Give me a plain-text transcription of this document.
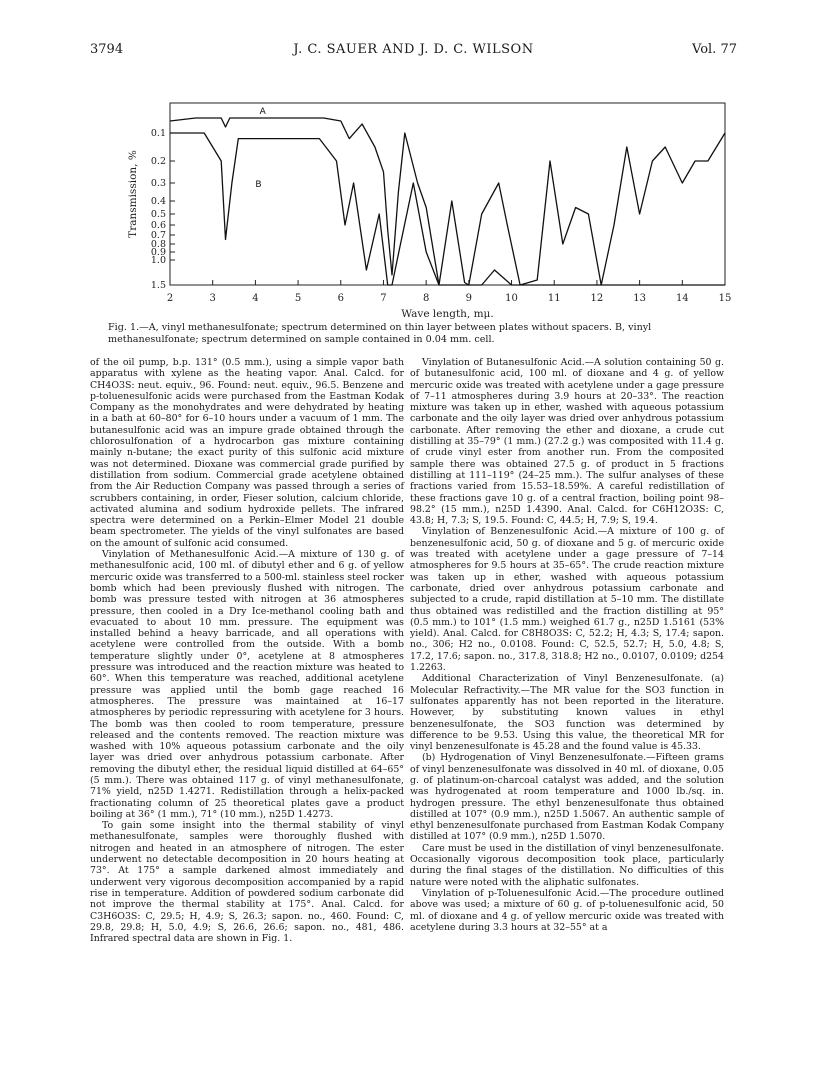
3794	J. C. SAUER AND J. D. C. WILSON	Vol. 77
2	3	4	5	6	7	8	9	10	11	12	13	14	15
0.1
0.2
0.3
0.4
0.5
0.6
0.7
0.8
0.9
1.0
1.5
Wave length, mμ.
Transmission, %
A
B
Fig. 1.—A, vinyl methanesulfonate; spectrum determined on thin layer between plates without spacers. B, vinyl methanesulfonate; spectrum determined on sample contained in 0.04 mm. cell.

of the oil pump, b.p. 131° (0.5 mm.), using a simple vapor bath apparatus with xylene as the heating vapor. Anal. Calcd. for CH4O3S: neut. equiv., 96. Found: neut. equiv., 96.5. Benzene and p-toluenesulfonic acids were purchased from the Eastman Kodak Company as the monohydrates and were dehydrated by heating in a bath at 60–80° for 6–10 hours under a vacuum of 1 mm. The butanesulfonic acid was an impure grade obtained through the chlorosulfonation of a hydrocarbon gas mixture containing mainly n-butane; the exact purity of this sulfonic acid mixture was not determined. Dioxane was commercial grade purified by distillation from sodium. Commercial grade acetylene obtained from the Air Reduction Company was passed through a series of scrubbers containing, in order, Fieser solution, calcium chloride, activated alumina and sodium hydroxide pellets. The infrared spectra were determined on a Perkin–Elmer Model 21 double beam spectrometer. The yields of the vinyl sulfonates are based on the amount of sulfonic acid consumed.

Vinylation of Methanesulfonic Acid.—A mixture of 130 g. of methanesulfonic acid, 100 ml. of dibutyl ether and 6 g. of yellow mercuric oxide was transferred to a 500-ml. stainless steel rocker bomb which had been previously flushed with nitrogen. The bomb was pressure tested with nitrogen at 36 atmospheres pressure, then cooled in a Dry Ice-methanol cooling bath and evacuated to about 10 mm. pressure. The equipment was installed behind a heavy barricade, and all operations with acetylene were controlled from the outside. With a bomb temperature slightly under 0°, acetylene at 8 atmospheres pressure was introduced and the reaction mixture was heated to 60°. When this temperature was reached, additional acetylene pressure was applied until the bomb gage reached 16 atmospheres. The pressure was maintained at 16–17 atmospheres by periodic repressuring with acetylene for 3 hours. The bomb was then cooled to room temperature, pressure released and the contents removed. The reaction mixture was washed with 10% aqueous potassium carbonate and the oily layer was dried over anhydrous potassium carbonate. After removing the dibutyl ether, the residual liquid distilled at 64–65° (5 mm.). There was obtained 117 g. of vinyl methanesulfonate, 71% yield, n25D 1.4271. Redistillation through a helix-packed fractionating column of 25 theoretical plates gave a product boiling at 36° (1 mm.), 71° (10 mm.), n25D 1.4273.

To gain some insight into the thermal stability of vinyl methanesulfonate, samples were thoroughly flushed with nitrogen and heated in an atmosphere of nitrogen. The ester underwent no detectable decomposition in 20 hours heating at 73°. At 175° a sample darkened almost immediately and underwent very vigorous decomposition accompanied by a rapid rise in temperature. Addition of powdered sodium carbonate did not improve the thermal stability at 175°. Anal. Calcd. for C3H6O3S: C, 29.5; H, 4.9; S, 26.3; sapon. no., 460. Found: C, 29.8, 29.8; H, 5.0, 4.9; S, 26.6, 26.6; sapon. no., 481, 486. Infrared spectral data are shown in Fig. 1.

Vinylation of Butanesulfonic Acid.—A solution containing 50 g. of butanesulfonic acid, 100 ml. of dioxane and 4 g. of yellow mercuric oxide was treated with acetylene under a gage pressure of 7–11 atmospheres during 3.9 hours at 20–33°. The reaction mixture was taken up in ether, washed with aqueous potassium carbonate and the oily layer was dried over anhydrous potassium carbonate. After removing the ether and dioxane, a crude cut distilling at 35–79° (1 mm.) (27.2 g.) was composited with 11.4 g. of crude vinyl ester from another run. From the composited sample there was obtained 27.5 g. of product in 5 fractions distilling at 111–119° (24–25 mm.). The sulfur analyses of these fractions varied from 15.53–18.59%. A careful redistillation of these fractions gave 10 g. of a central fraction, boiling point 98–98.2° (15 mm.), n25D 1.4390. Anal. Calcd. for C6H12O3S: C, 43.8; H, 7.3; S, 19.5. Found: C, 44.5; H, 7.9; S, 19.4.

Vinylation of Benzenesulfonic Acid.—A mixture of 100 g. of benzenesulfonic acid, 50 g. of dioxane and 5 g. of mercuric oxide was treated with acetylene under a gage pressure of 7–14 atmospheres for 9.5 hours at 35–65°. The crude reaction mixture was taken up in ether, washed with aqueous potassium carbonate, dried over anhydrous potassium carbonate and subjected to a crude, rapid distillation at 5–10 mm. The distillate thus obtained was redistilled and the fraction distilling at 95° (0.5 mm.) to 101° (1.5 mm.) weighed 61.7 g., n25D 1.5161 (53% yield). Anal. Calcd. for C8H8O3S: C, 52.2; H, 4.3; S, 17.4; sapon. no., 306; H2 no., 0.0108. Found: C, 52.5, 52.7; H, 5.0, 4.8; S, 17.2, 17.6; sapon. no., 317.8, 318.8; H2 no., 0.0107, 0.0109; d254 1.2263.

Additional Characterization of Vinyl Benzenesulfonate. (a) Molecular Refractivity.—The MR value for the SO3 function in sulfonates apparently has not been reported in the literature. However, by substituting known values in ethyl benzenesulfonate, the SO3 function was determined by difference to be 9.53. Using this value, the theoretical MR for vinyl benzenesulfonate is 45.28 and the found value is 45.33.

(b) Hydrogenation of Vinyl Benzenesulfonate.—Fifteen grams of vinyl benzenesulfonate was dissolved in 40 ml. of dioxane, 0.05 g. of platinum-on-charcoal catalyst was added, and the solution was hydrogenated at room temperature and 1000 lb./sq. in. hydrogen pressure. The ethyl benzenesulfonate thus obtained distilled at 107° (0.9 mm.), n25D 1.5067. An authentic sample of ethyl benzenesulfonate purchased from Eastman Kodak Company distilled at 107° (0.9 mm.), n25D 1.5070.

Care must be used in the distillation of vinyl benzenesulfonate. Occasionally vigorous decomposition took place, particularly during the final stages of the distillation. No difficulties of this nature were noted with the aliphatic sulfonates.

Vinylation of p-Toluenesulfonic Acid.—The procedure outlined above was used; a mixture of 60 g. of p-toluenesulfonic acid, 50 ml. of dioxane and 4 g. of yellow mercuric oxide was treated with acetylene during 3.3 hours at 32–55° at a
